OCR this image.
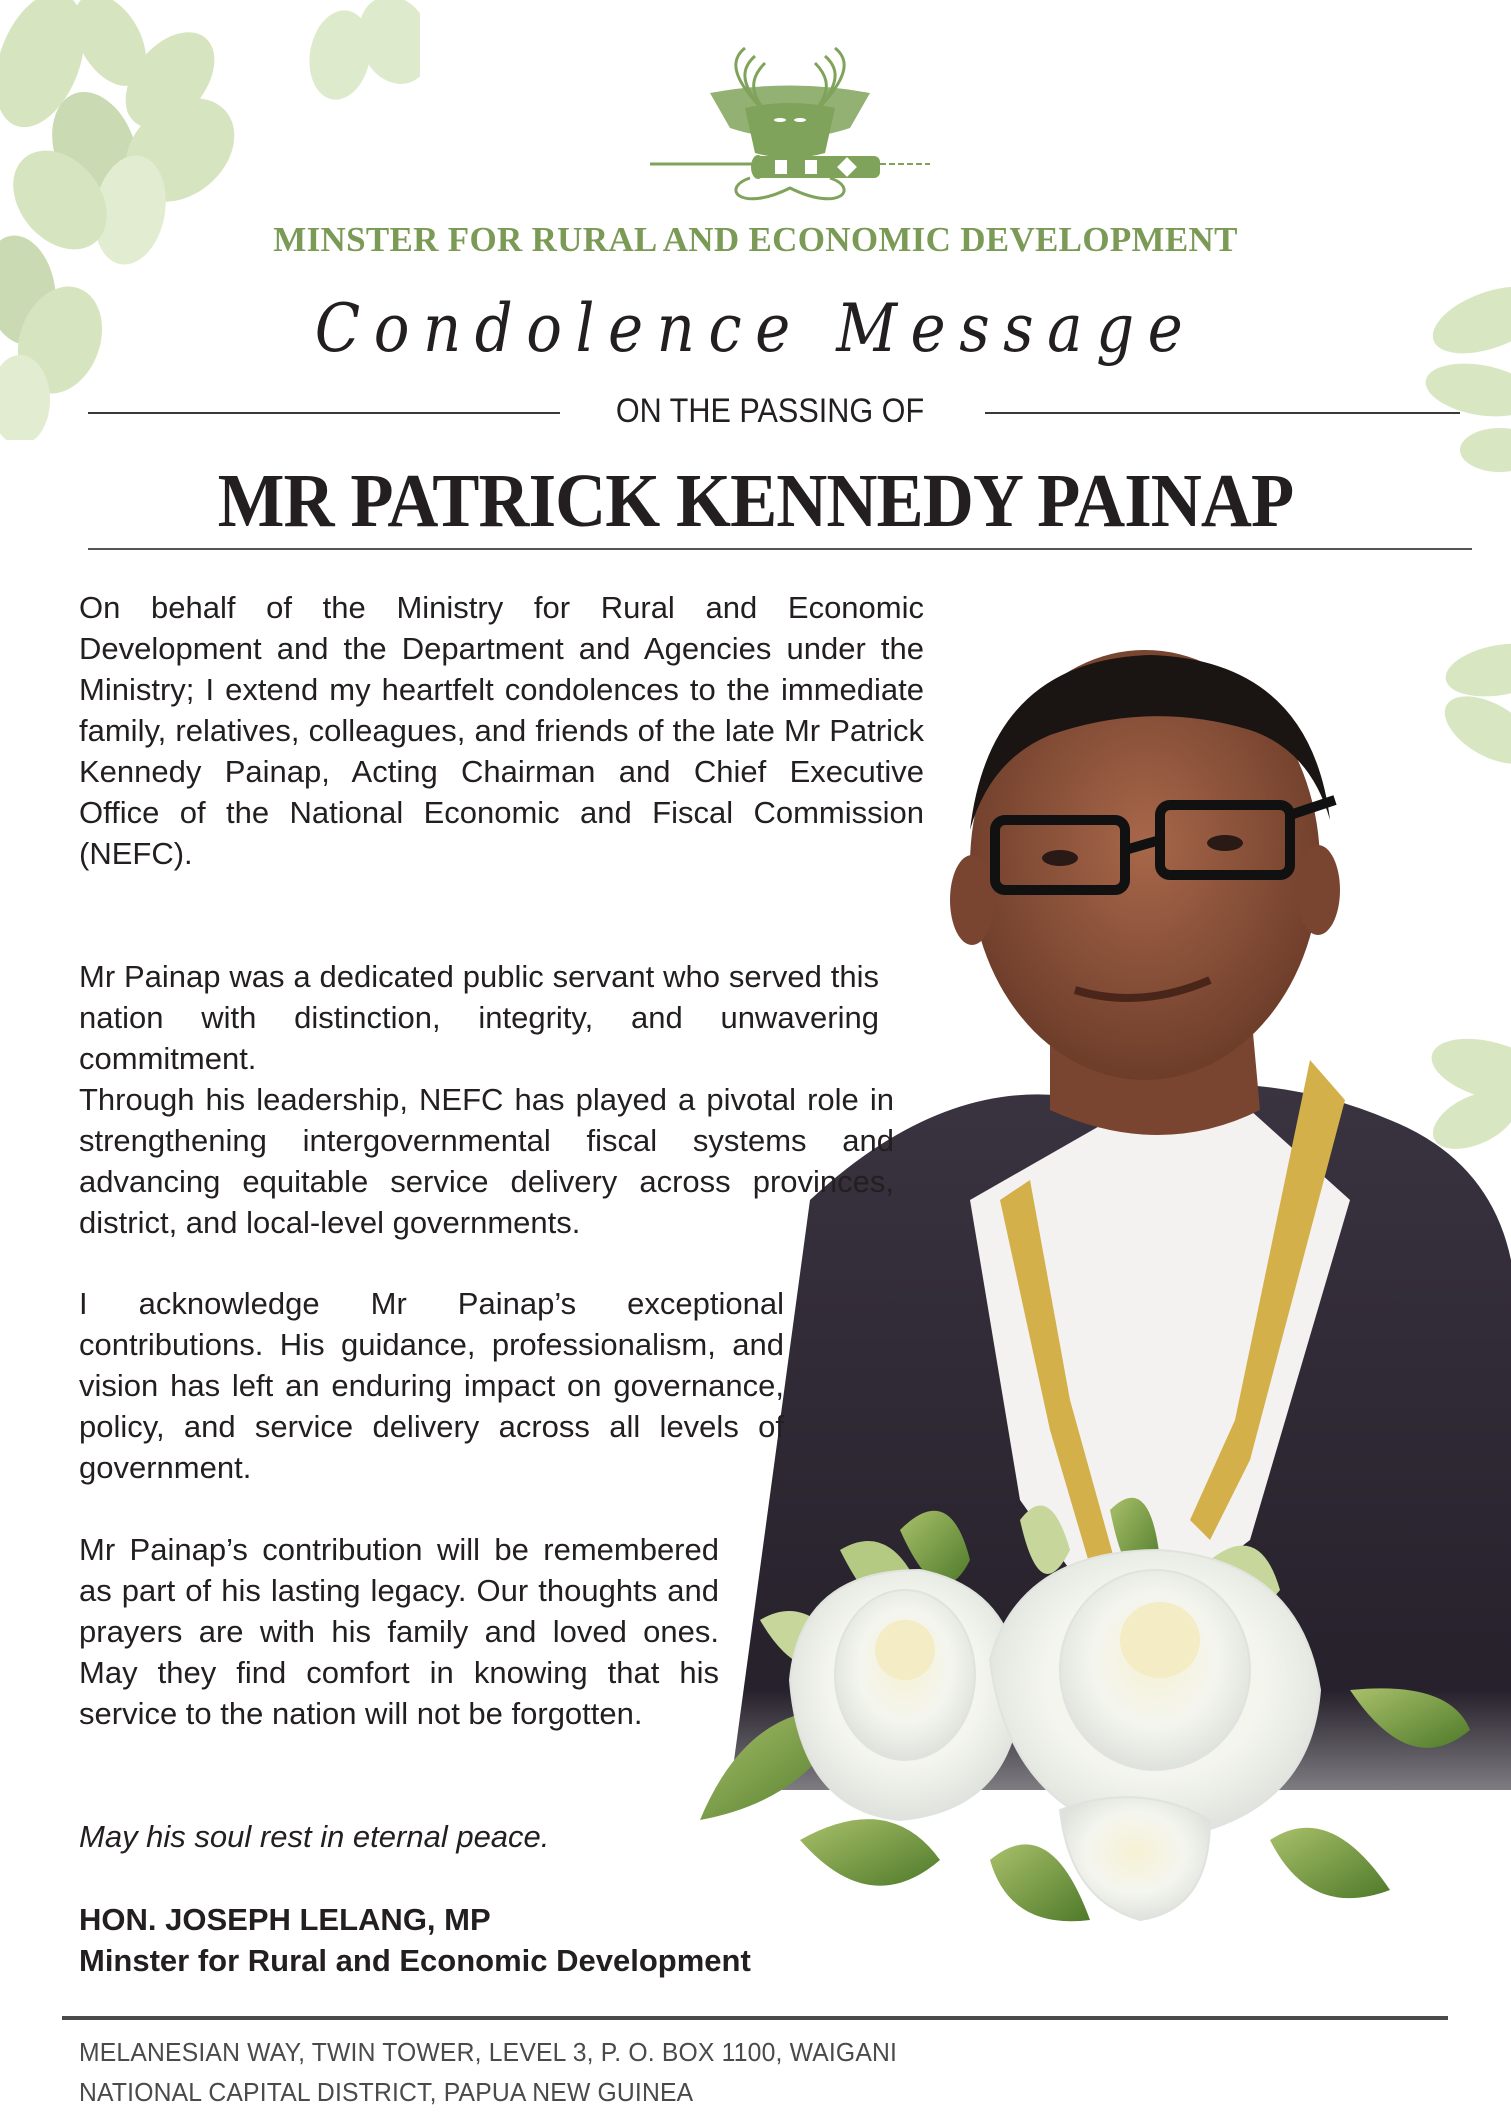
MINSTER FOR RURAL AND ECONOMIC DEVELOPMENT
Condolence Message
ON THE PASSING OF
MR PATRICK KENNEDY PAINAP
On behalf of the Ministry for Rural and Economic Development and the Department and Agencies under the Ministry; I extend my heartfelt condolences to the immediate family, relatives, colleagues, and friends of the late Mr Patrick Kennedy Painap, Acting Chairman and Chief Executive Office of the National Economic and Fiscal Commission (NEFC).
Mr Painap was a dedicated public servant who served this nation with distinction, integrity, and unwavering commitment.
Through his leadership, NEFC has played a pivotal role in strengthening intergovernmental fiscal systems and advancing equitable service delivery across provinces, district, and local-level governments.
I acknowledge Mr Painap’s exceptional contributions. His guidance, professionalism, and vision has left an enduring impact on governance, policy, and service delivery across all levels of government.
Mr Painap’s contribution will be remembered as part of his lasting legacy. Our thoughts and prayers are with his family and loved ones. May they find comfort in knowing that his service to the nation will not be forgotten.
May his soul rest in eternal peace.
HON. JOSEPH LELANG, MP
Minster for Rural and Economic Development
MELANESIAN WAY, TWIN TOWER, LEVEL 3, P. O. BOX 1100, WAIGANI
NATIONAL CAPITAL DISTRICT, PAPUA NEW GUINEA
